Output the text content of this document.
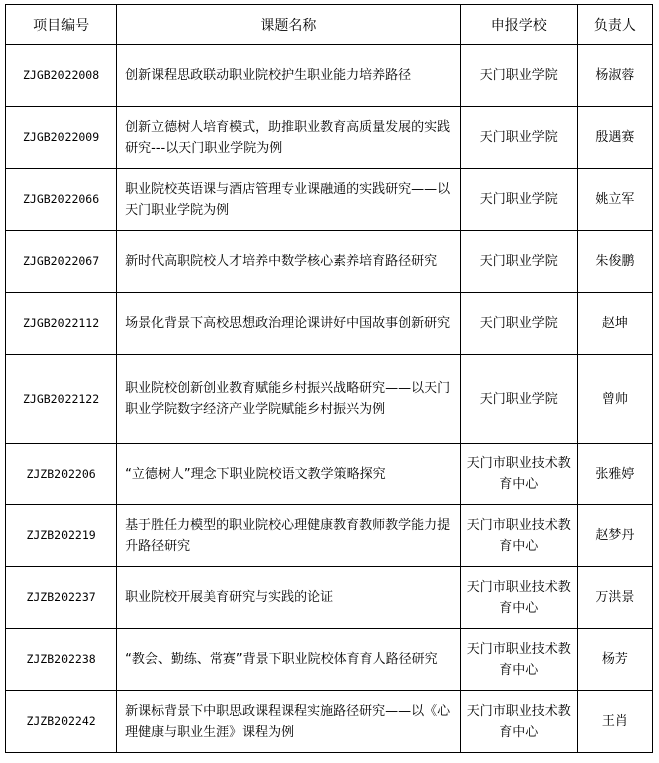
项目编号	课题名称	申报学校	负责人
ZJGB2022008	创新课程思政联动职业院校护生职业能力培养路径	天门职业学院	杨淑蓉
ZJGB2022009	创新立德树人培育模式，助推职业教育高质量发展的实践研究---以天门职业学院为例	天门职业学院	殷遇赛
ZJGB2022066	职业院校英语课与酒店管理专业课融通的实践研究——以天门职业学院为例	天门职业学院	姚立军
ZJGB2022067	新时代高职院校人才培养中数学核心素养培育路径研究	天门职业学院	朱俊鹏
ZJGB2022112	场景化背景下高校思想政治理论课讲好中国故事创新研究	天门职业学院	赵坤
ZJGB2022122	职业院校创新创业教育赋能乡村振兴战略研究——以天门职业学院数字经济产业学院赋能乡村振兴为例	天门职业学院	曾帅
ZJZB202206	“立德树人”理念下职业院校语文教学策略探究	天门市职业技术教育中心	张雅婷
ZJZB202219	基于胜任力模型的职业院校心理健康教育教师教学能力提升路径研究	天门市职业技术教育中心	赵梦丹
ZJZB202237	职业院校开展美育研究与实践的论证	天门市职业技术教育中心	万洪景
ZJZB202238	“教会、勤练、常赛”背景下职业院校体育育人路径研究	天门市职业技术教育中心	杨芳
ZJZB202242	新课标背景下中职思政课程课程实施路径研究——以《心理健康与职业生涯》课程为例	天门市职业技术教育中心	王肖
